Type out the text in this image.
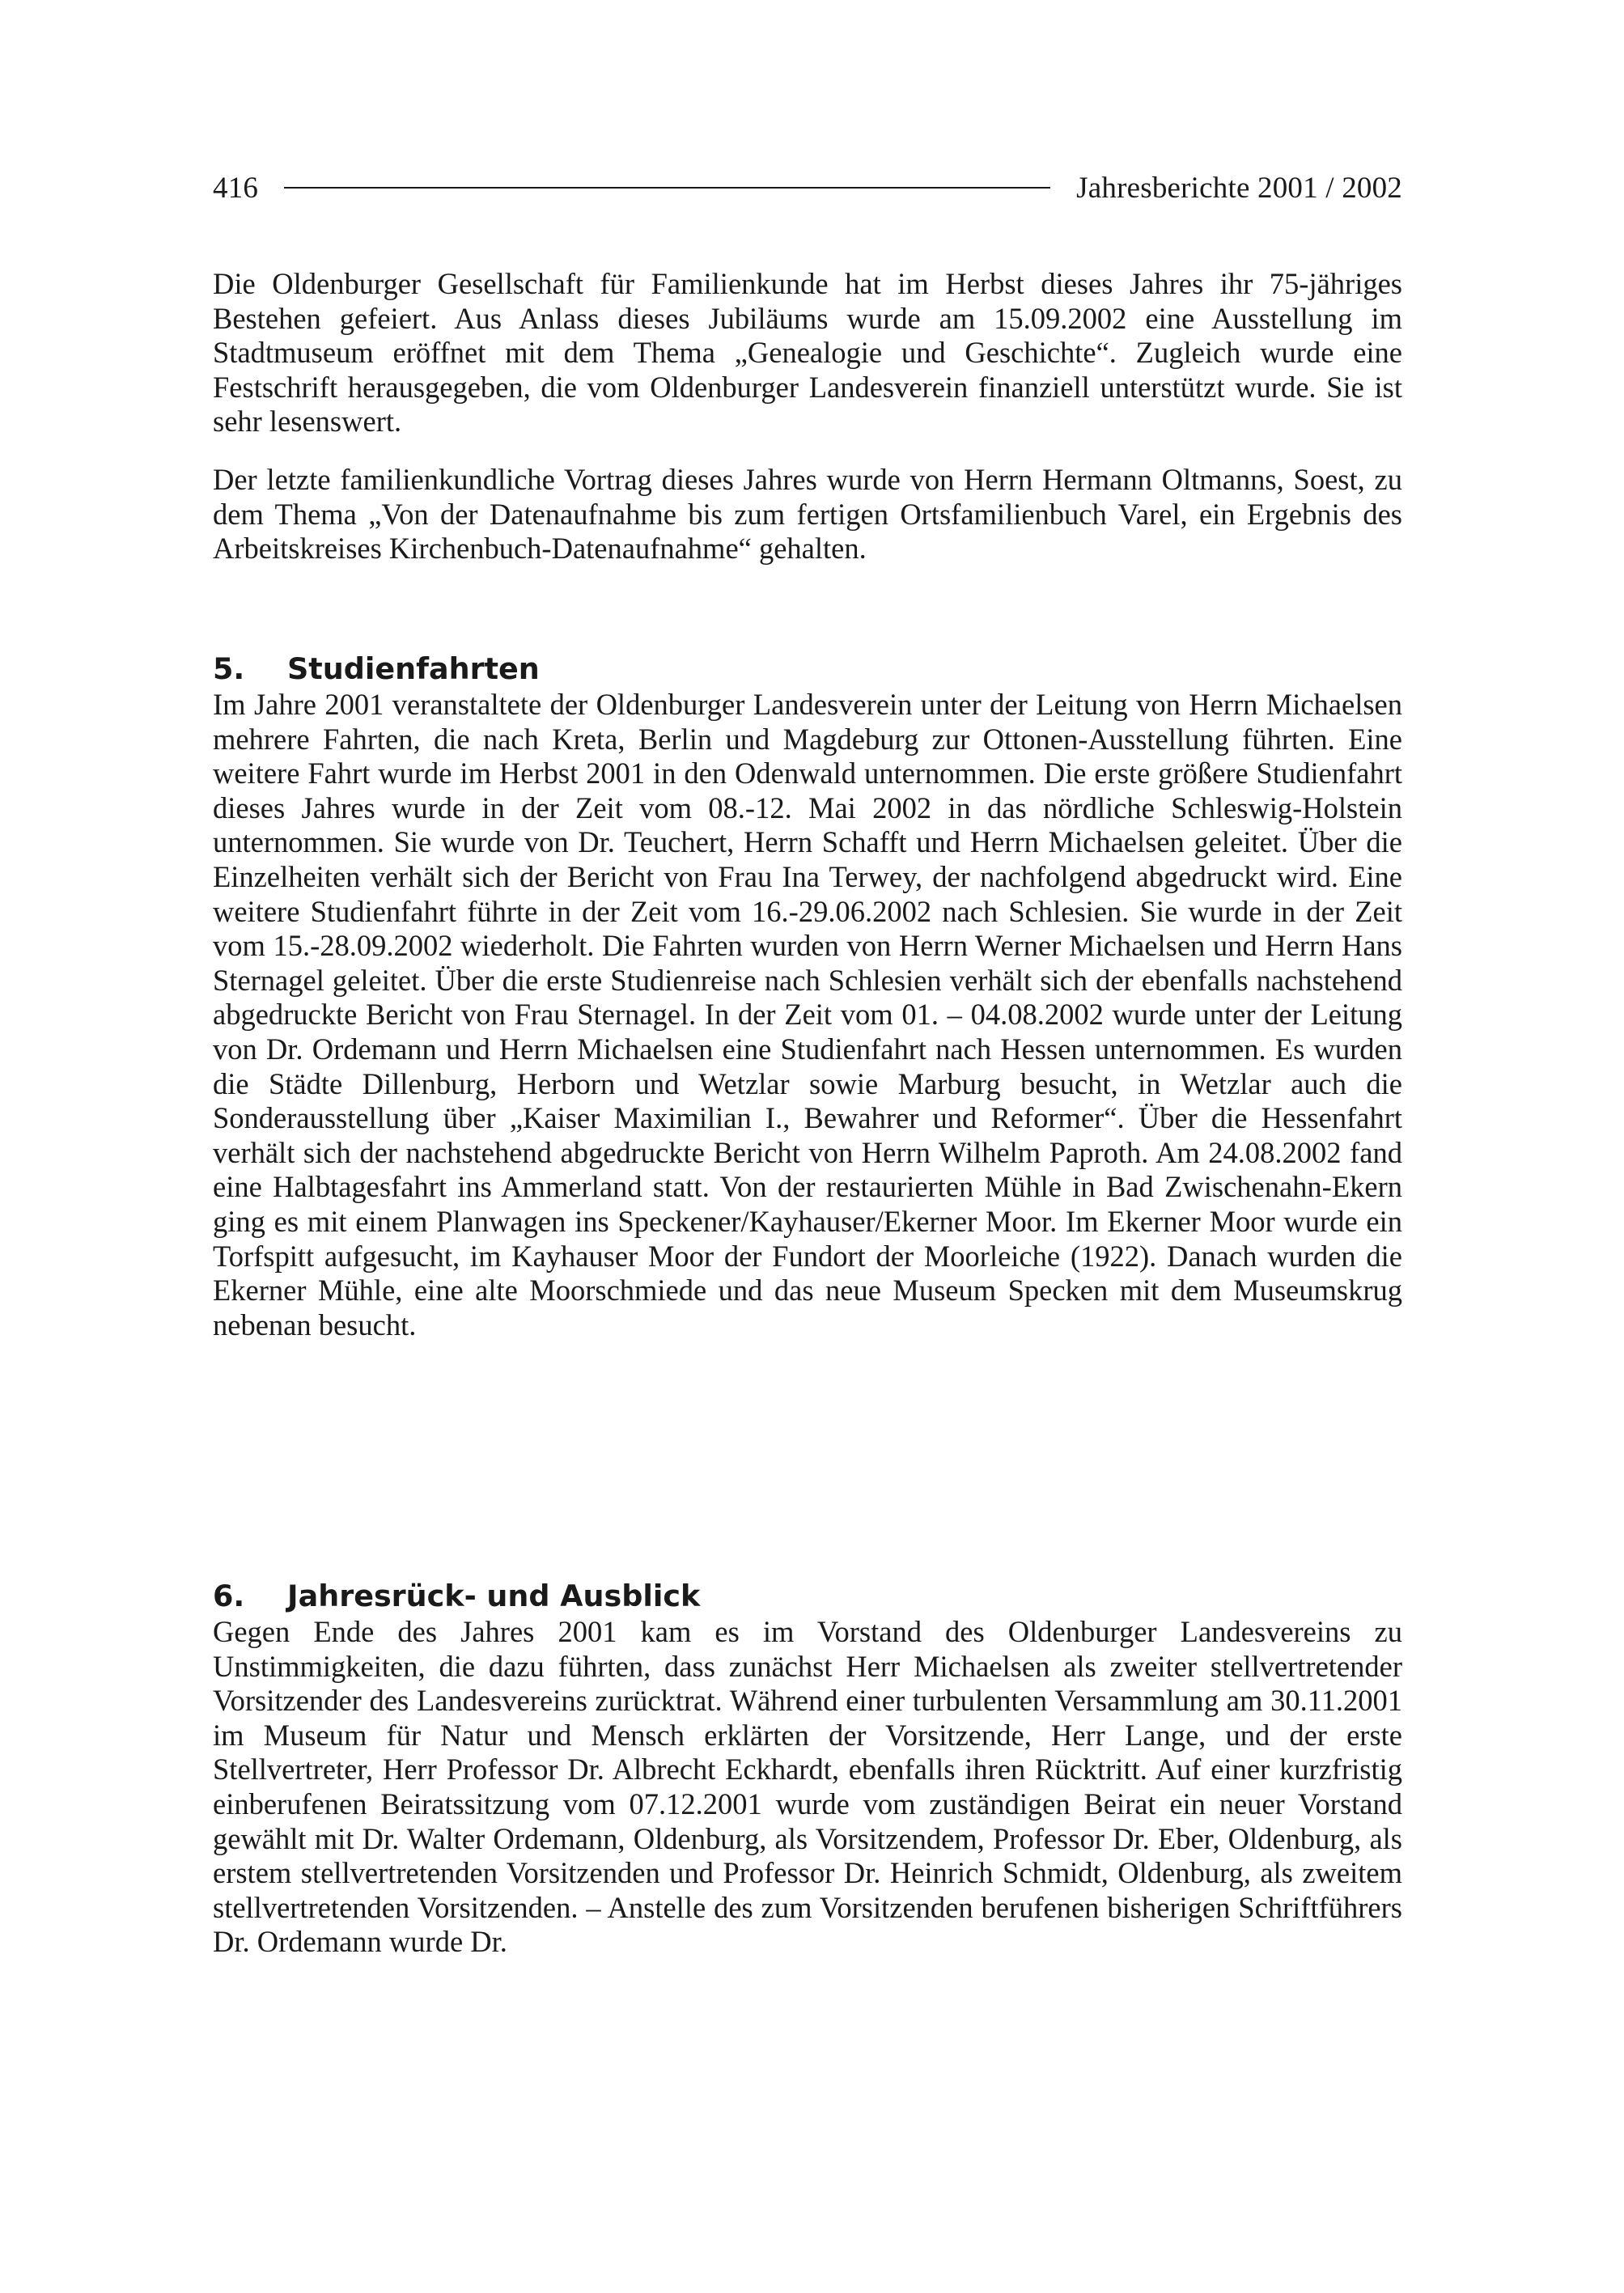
416	Jahresberichte 2001 / 2002

Die Oldenburger Gesellschaft für Familienkunde hat im Herbst dieses Jahres ihr 75-jähriges Bestehen gefeiert. Aus Anlass dieses Jubiläums wurde am 15.09.2002 eine Ausstellung im Stadtmuseum eröffnet mit dem Thema „Genealogie und Geschichte“. Zugleich wurde eine Festschrift herausgegeben, die vom Oldenburger Landesverein finanziell unterstützt wurde. Sie ist sehr lesenswert.

Der letzte familienkundliche Vortrag dieses Jahres wurde von Herrn Hermann Oltmanns, Soest, zu dem Thema „Von der Datenaufnahme bis zum fertigen Ortsfamilienbuch Varel, ein Ergebnis des Arbeitskreises Kirchenbuch-Datenaufnahme“ gehalten.

5. Studienfahrten

Im Jahre 2001 veranstaltete der Oldenburger Landesverein unter der Leitung von Herrn Michaelsen mehrere Fahrten, die nach Kreta, Berlin und Magdeburg zur Ottonen-Ausstellung führten. Eine weitere Fahrt wurde im Herbst 2001 in den Odenwald unternommen. Die erste größere Studienfahrt dieses Jahres wurde in der Zeit vom 08.-12. Mai 2002 in das nördliche Schleswig-Holstein unternommen. Sie wurde von Dr. Teuchert, Herrn Schafft und Herrn Michaelsen geleitet. Über die Einzelheiten verhält sich der Bericht von Frau Ina Terwey, der nachfolgend abgedruckt wird. Eine weitere Studienfahrt führte in der Zeit vom 16.-29.06.2002 nach Schlesien. Sie wurde in der Zeit vom 15.-28.09.2002 wiederholt. Die Fahrten wurden von Herrn Werner Michaelsen und Herrn Hans Sternagel geleitet. Über die erste Studienreise nach Schlesien verhält sich der ebenfalls nachstehend abgedruckte Bericht von Frau Sternagel. In der Zeit vom 01. – 04.08.2002 wurde unter der Leitung von Dr. Ordemann und Herrn Michaelsen eine Studienfahrt nach Hessen unternommen. Es wurden die Städte Dillenburg, Herborn und Wetzlar sowie Marburg besucht, in Wetzlar auch die Sonderausstellung über „Kaiser Maximilian I., Bewahrer und Reformer“. Über die Hessenfahrt verhält sich der nachstehend abgedruckte Bericht von Herrn Wilhelm Paproth. Am 24.08.2002 fand eine Halbtagesfahrt ins Ammerland statt. Von der restaurierten Mühle in Bad Zwischenahn-Ekern ging es mit einem Planwagen ins Speckener/Kayhauser/Ekerner Moor. Im Ekerner Moor wurde ein Torfspitt aufgesucht, im Kayhauser Moor der Fundort der Moorleiche (1922). Danach wurden die Ekerner Mühle, eine alte Moorschmiede und das neue Museum Specken mit dem Museumskrug nebenan besucht.

6. Jahresrück- und Ausblick

Gegen Ende des Jahres 2001 kam es im Vorstand des Oldenburger Landesvereins zu Unstimmigkeiten, die dazu führten, dass zunächst Herr Michaelsen als zweiter stellvertretender Vorsitzender des Landesvereins zurücktrat. Während einer turbulenten Versammlung am 30.11.2001 im Museum für Natur und Mensch erklärten der Vorsitzende, Herr Lange, und der erste Stellvertreter, Herr Professor Dr. Albrecht Eckhardt, ebenfalls ihren Rücktritt. Auf einer kurzfristig einberufenen Beiratssitzung vom 07.12.2001 wurde vom zuständigen Beirat ein neuer Vorstand gewählt mit Dr. Walter Ordemann, Oldenburg, als Vorsitzendem, Professor Dr. Eber, Oldenburg, als erstem stellvertretenden Vorsitzenden und Professor Dr. Heinrich Schmidt, Oldenburg, als zweitem stellvertretenden Vorsitzenden. – Anstelle des zum Vorsitzenden berufenen bisherigen Schriftführers Dr. Ordemann wurde Dr.
